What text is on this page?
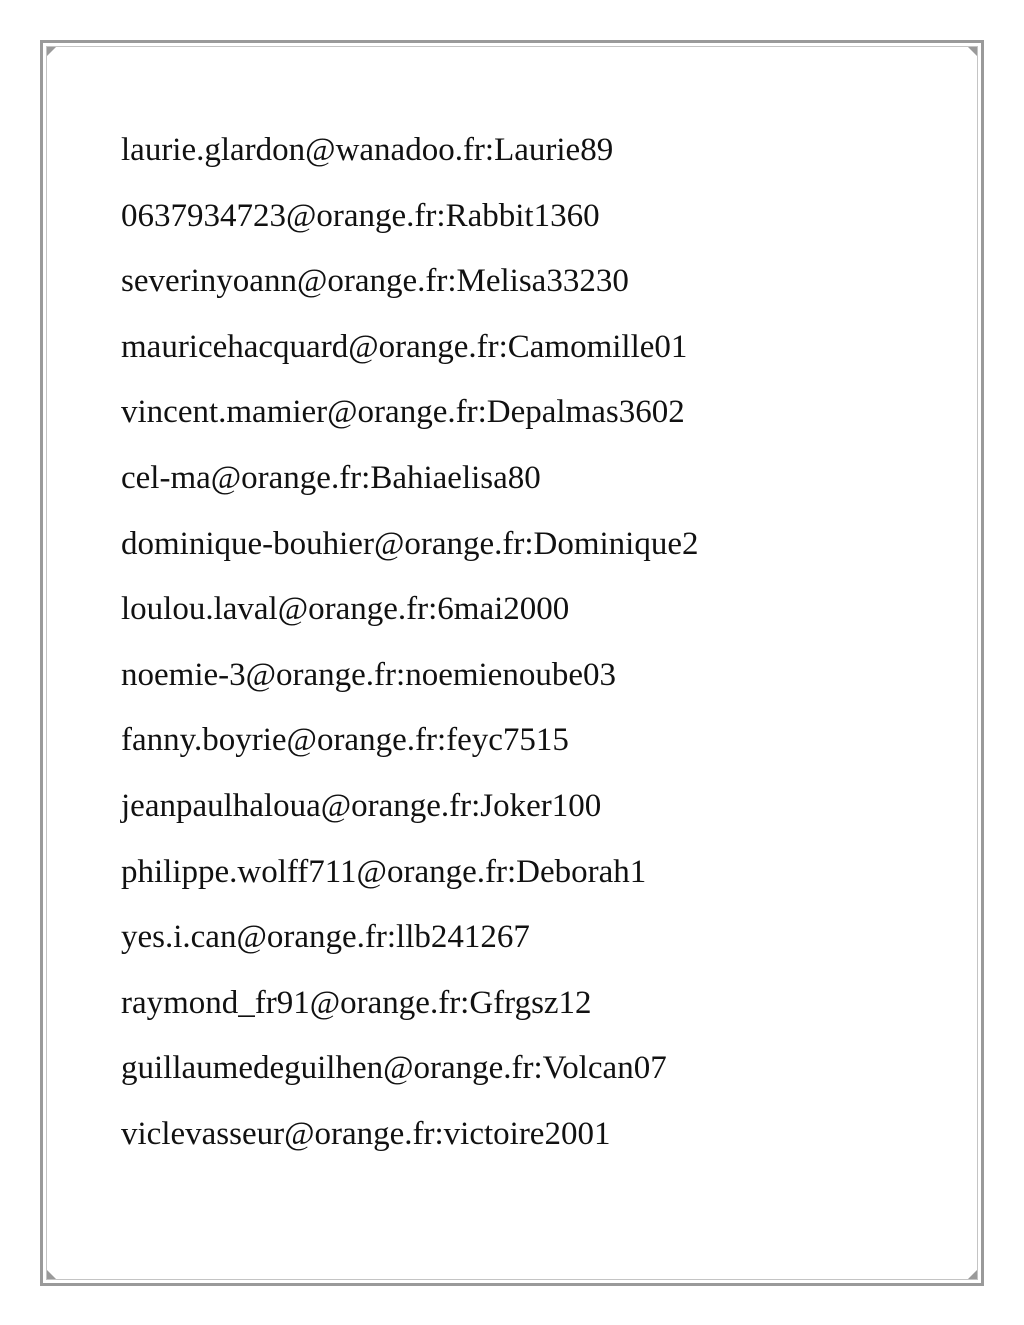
laurie.glardon@wanadoo.fr:Laurie89
0637934723@orange.fr:Rabbit1360
severinyoann@orange.fr:Melisa33230
mauricehacquard@orange.fr:Camomille01
vincent.mamier@orange.fr:Depalmas3602
cel-ma@orange.fr:Bahiaelisa80
dominique-bouhier@orange.fr:Dominique2
loulou.laval@orange.fr:6mai2000
noemie-3@orange.fr:noemienoube03
fanny.boyrie@orange.fr:feyc7515
jeanpaulhaloua@orange.fr:Joker100
philippe.wolff711@orange.fr:Deborah1
yes.i.can@orange.fr:llb241267
raymond_fr91@orange.fr:Gfrgsz12
guillaumedeguilhen@orange.fr:Volcan07
viclevasseur@orange.fr:victoire2001
